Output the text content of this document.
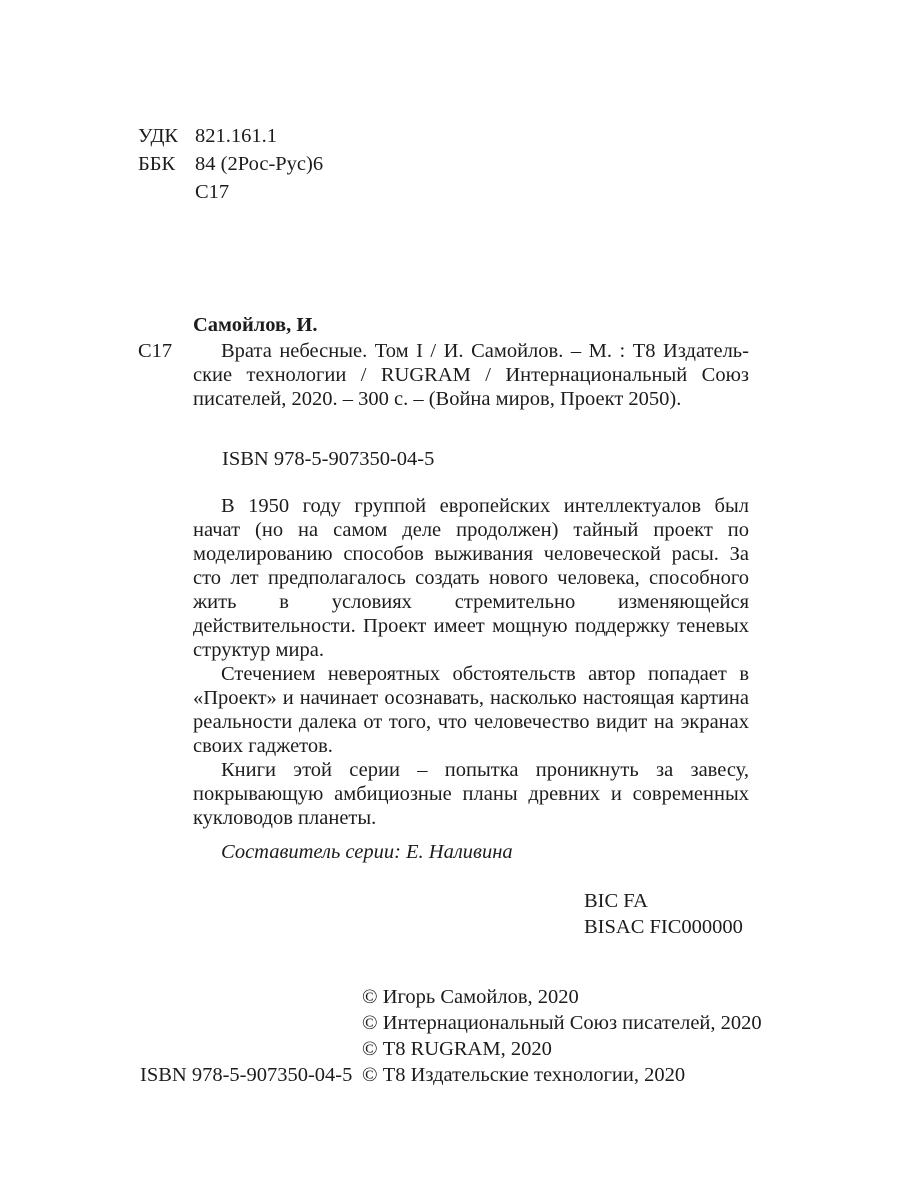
УДК 821.161.1
ББК 84 (2Рос-Рус)6
С17
Самойлов, И.
С17	Врата небесные. Том I / И. Самойлов. – М. : Т8 Издательские технологии / RUGRAM / Интернациональный Союз писателей, 2020. – 300 с. – (Война миров, Проект 2050).

ISBN 978-5-907350-04-5

В 1950 году группой европейских интеллектуалов был начат (но на самом деле продолжен) тайный проект по моделированию способов выживания человеческой расы. За сто лет предполагалось создать нового человека, способного жить в условиях стремительно изменяющейся действительности. Проект имеет мощную поддержку теневых структур мира.

Стечением невероятных обстоятельств автор попадает в «Проект» и начинает осознавать, насколько настоящая картина реальности далека от того, что человечество видит на экранах своих гаджетов.

Книги этой серии – попытка проникнуть за завесу, покрывающую амбициозные планы древних и современных кукловодов планеты.

Составитель серии: Е. Наливина
BIC FA
BISAC FIC000000
ISBN 978-5-907350-04-5
© Игорь Самойлов, 2020
© Интернациональный Союз писателей, 2020
© Т8 RUGRAM, 2020
© Т8 Издательские технологии, 2020
